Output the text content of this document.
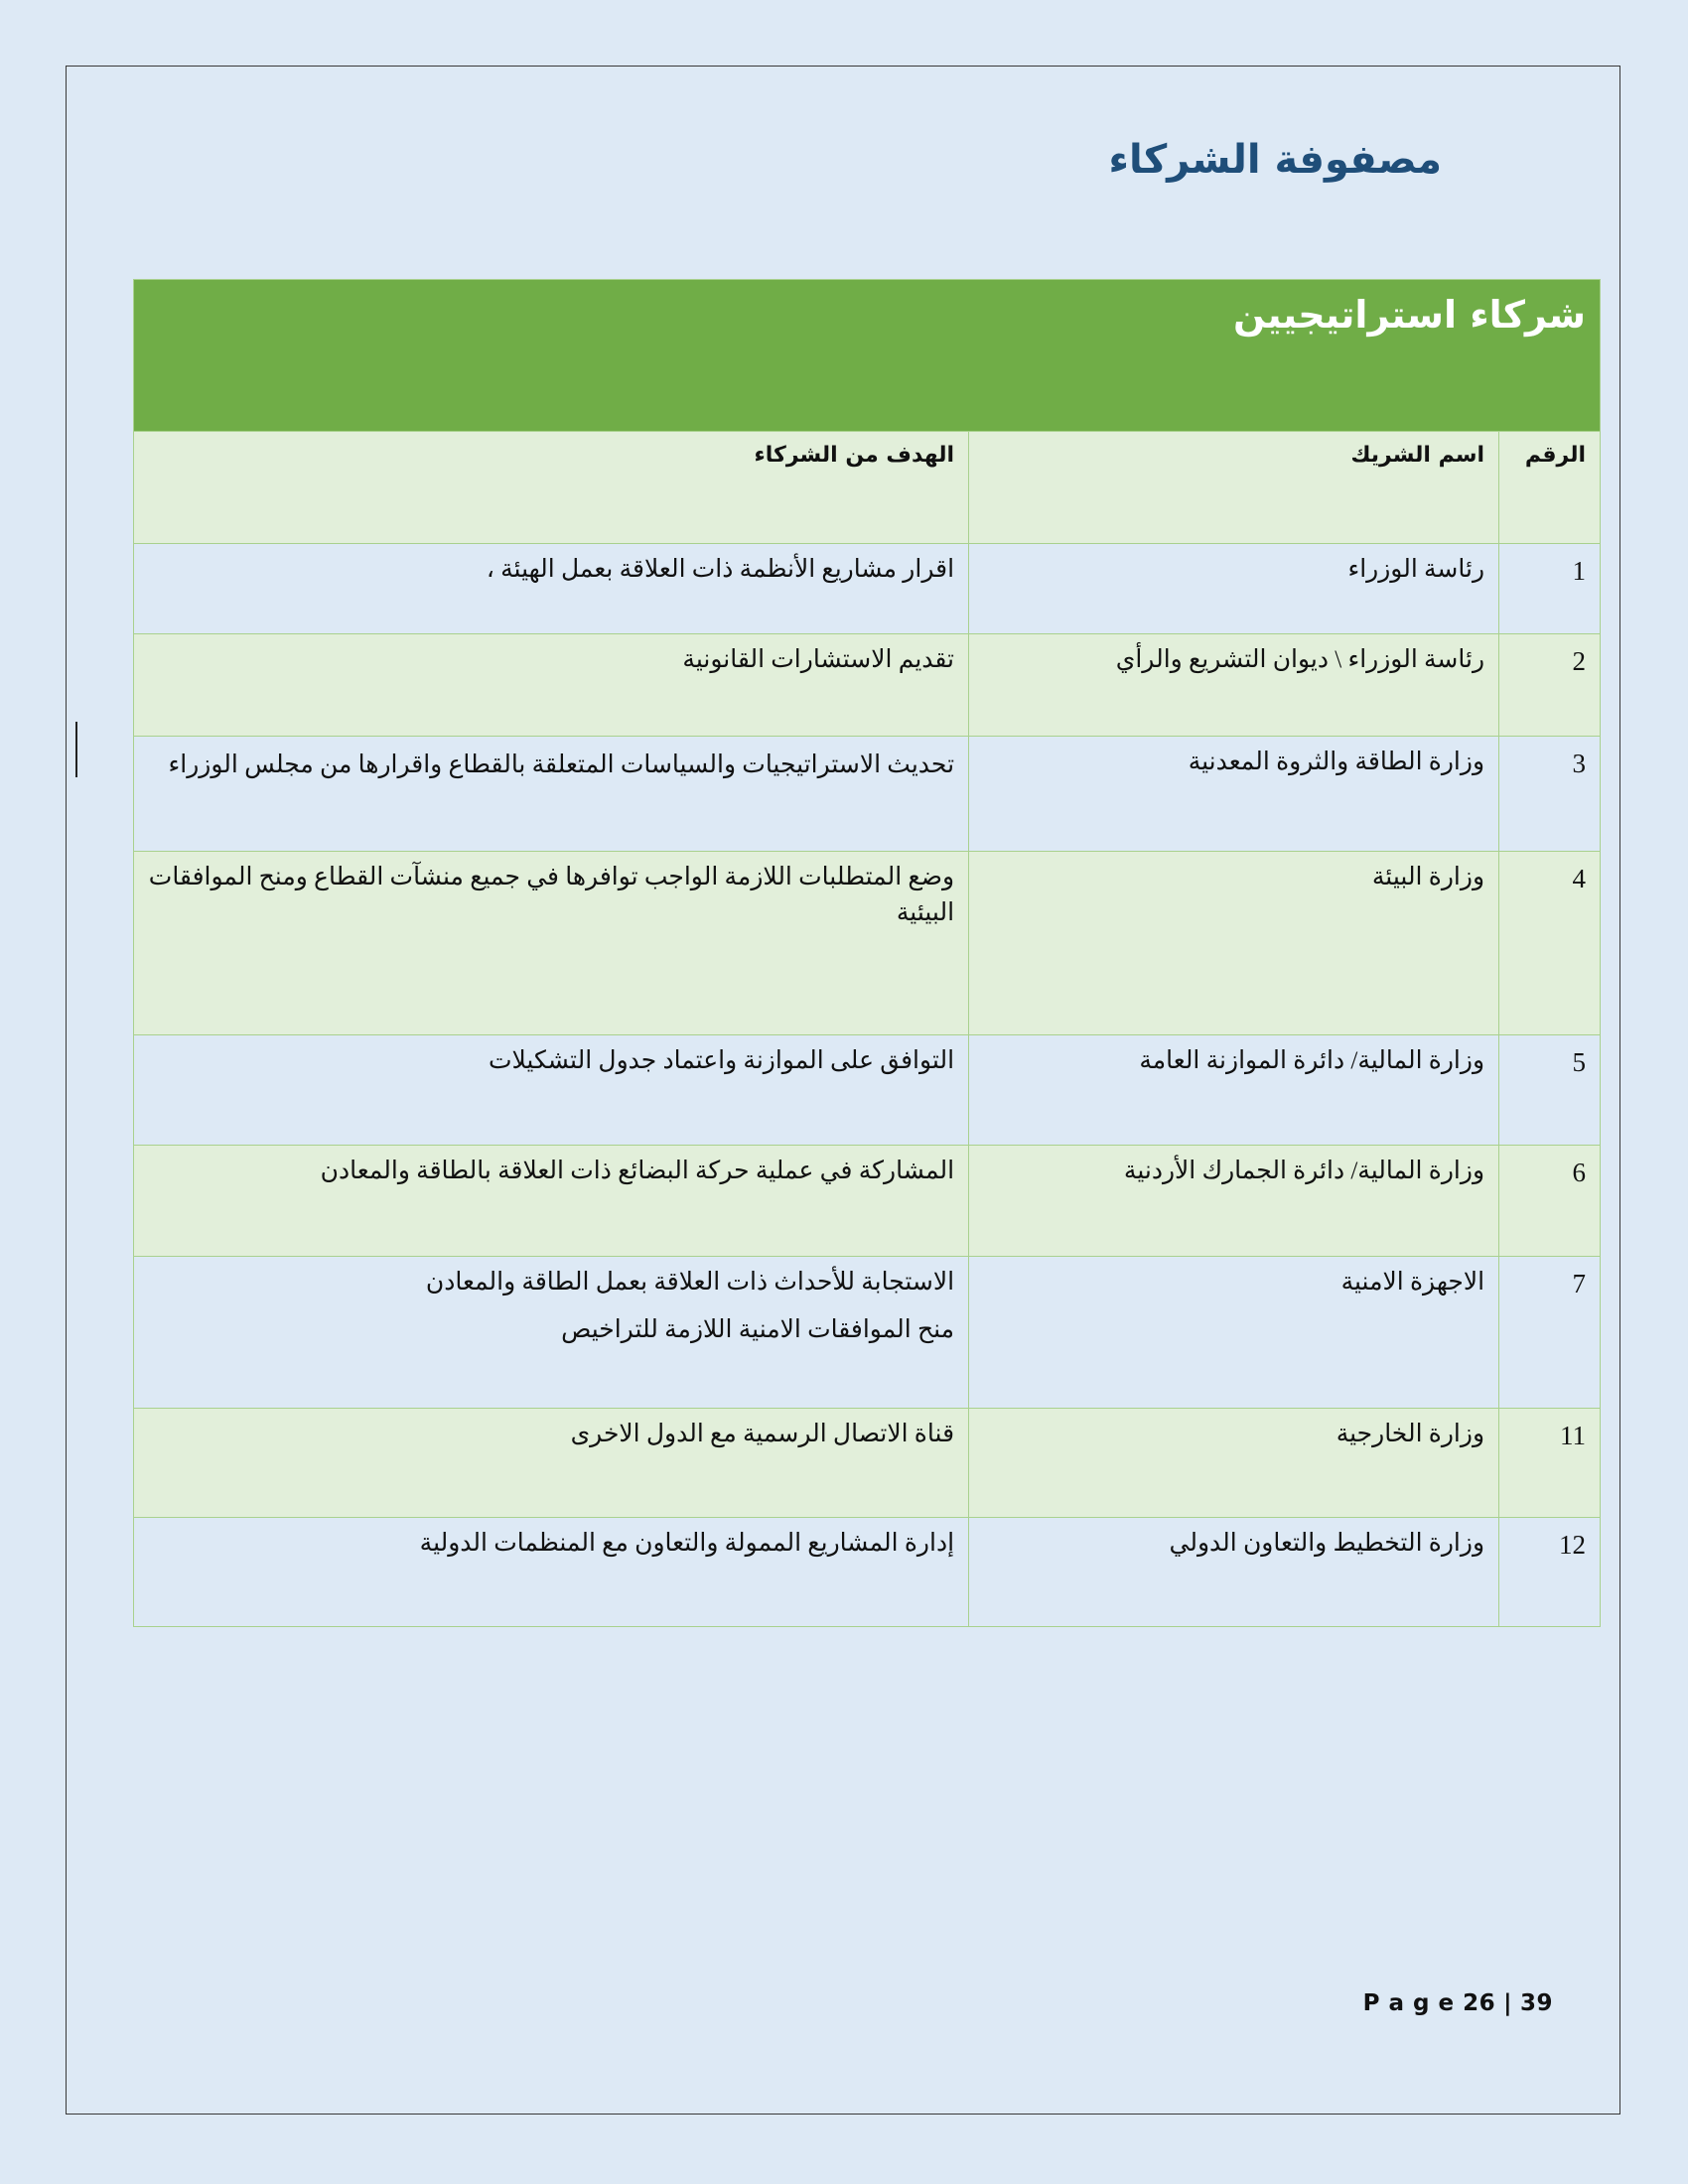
مصفوفة الشركاء
شركاء استراتيجيين		
الرقم	اسم الشريك	الهدف من الشركاء
1	رئاسة الوزراء	اقرار مشاريع الأنظمة ذات العلاقة بعمل الهيئة ،

2	رئاسة الوزراء \ ديوان التشريع والرأي	تقديم الاستشارات القانونية

3	وزارة الطاقة والثروة المعدنية	تحديث الاستراتيجيات والسياسات المتعلقة بالقطاع واقرارها من مجلس الوزراء

4	وزارة البيئة	وضع المتطلبات اللازمة الواجب توافرها في جميع منشآت القطاع ومنح الموافقات البيئية

5	وزارة المالية/ دائرة الموازنة العامة	التوافق على الموازنة واعتماد جدول التشكيلات

6	وزارة المالية/ دائرة الجمارك الأردنية	المشاركة في عملية حركة البضائع ذات العلاقة بالطاقة والمعادن

7	الاجهزة الامنية	الاستجابة للأحداث ذات العلاقة بعمل الطاقة والمعادن
منح الموافقات الامنية اللازمة للتراخيص

11	وزارة الخارجية	قناة الاتصال الرسمية مع الدول الاخرى

12	وزارة التخطيط والتعاون الدولي	إدارة المشاريع الممولة والتعاون مع المنظمات الدولية
P a g e 26 | 39
